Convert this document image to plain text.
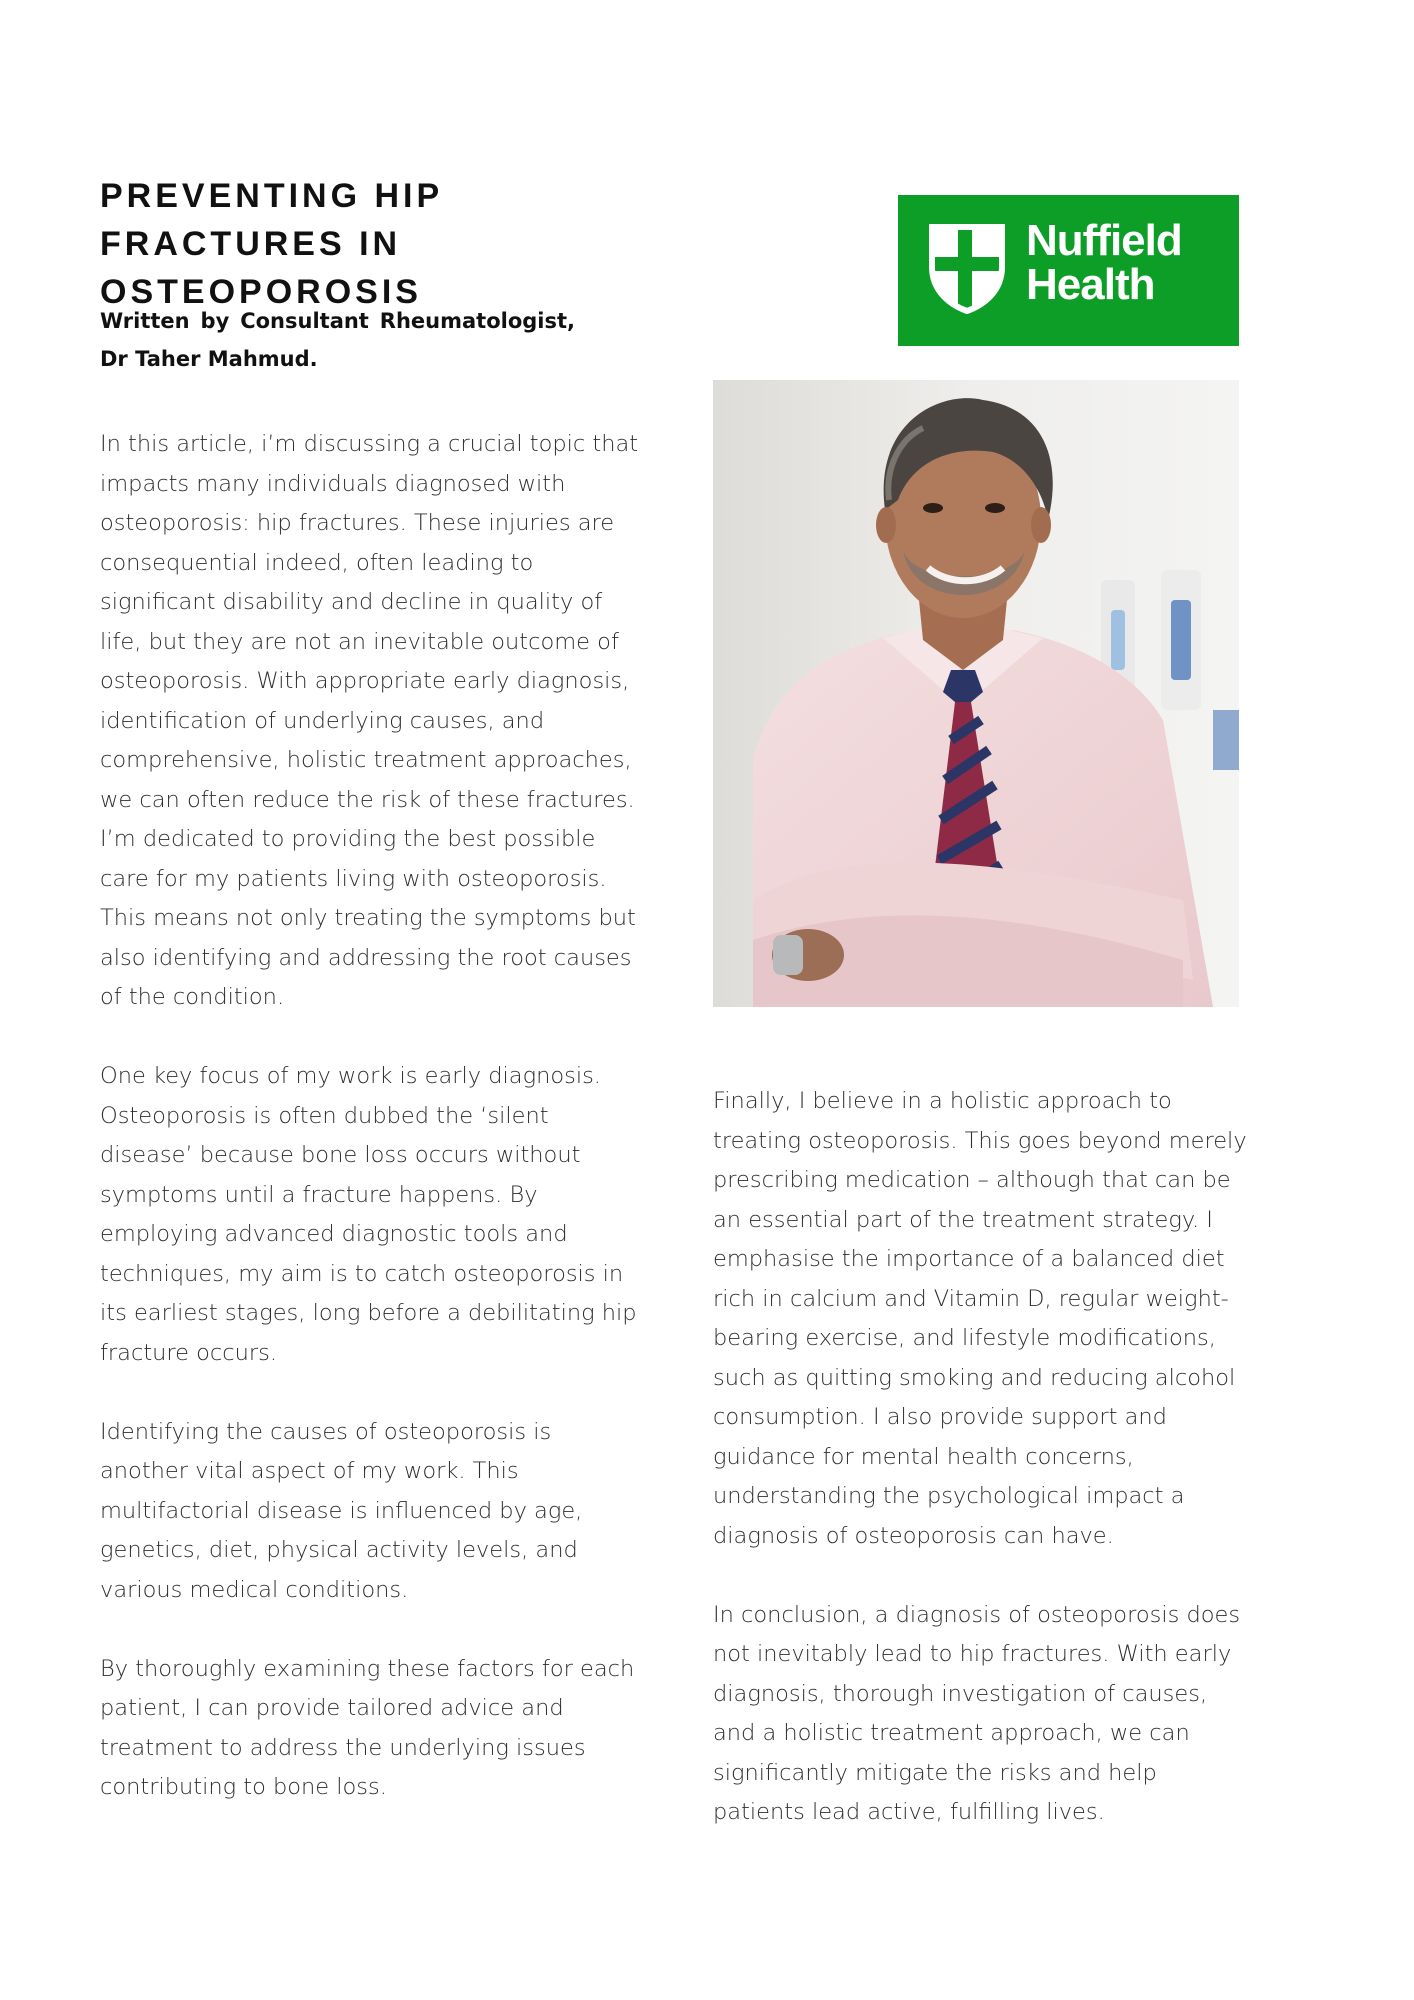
PREVENTING HIP FRACTURES IN OSTEOPOROSIS

Written by Consultant Rheumatologist, Dr Taher Mahmud.

Nuffield
Health

In this article, i’m discussing a crucial topic that impacts many individuals diagnosed with osteoporosis: hip fractures. These injuries are consequential indeed, often leading to significant disability and decline in quality of life, but they are not an inevitable outcome of osteoporosis. With appropriate early diagnosis, identification of underlying causes, and comprehensive, holistic treatment approaches, we can often reduce the risk of these fractures. I’m dedicated to providing the best possible care for my patients living with osteoporosis. This means not only treating the symptoms but also identifying and addressing the root causes of the condition.

One key focus of my work is early diagnosis. Osteoporosis is often dubbed the ‘silent disease’ because bone loss occurs without symptoms until a fracture happens. By employing advanced diagnostic tools and techniques, my aim is to catch osteoporosis in its earliest stages, long before a debilitating hip fracture occurs.

Identifying the causes of osteoporosis is another vital aspect of my work. This multifactorial disease is influenced by age, genetics, diet, physical activity levels, and various medical conditions.

By thoroughly examining these factors for each patient, I can provide tailored advice and treatment to address the underlying issues contributing to bone loss.

Finally, I believe in a holistic approach to treating osteoporosis. This goes beyond merely prescribing medication – although that can be an essential part of the treatment strategy. I emphasise the importance of a balanced diet rich in calcium and Vitamin D, regular weight-bearing exercise, and lifestyle modifications, such as quitting smoking and reducing alcohol consumption. I also provide support and guidance for mental health concerns, understanding the psychological impact a diagnosis of osteoporosis can have.

In conclusion, a diagnosis of osteoporosis does not inevitably lead to hip fractures. With early diagnosis, thorough investigation of causes, and a holistic treatment approach, we can significantly mitigate the risks and help patients lead active, fulfilling lives.
